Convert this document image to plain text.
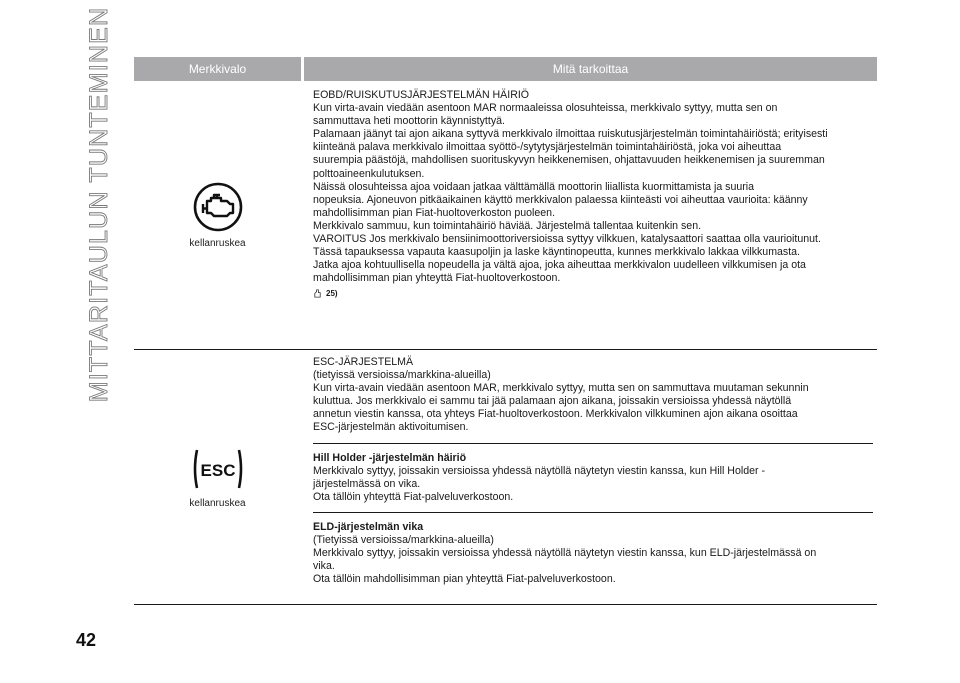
MITTARITAULUN TUNTEMINEN
42
Merkkivalo	Mitä tarkoittaa
kellanruskea

EOBD/RUISKUTUSJÄRJESTELMÄN HÄIRIÖ

Kun virta-avain viedään asentoon MAR normaaleissa olosuhteissa, merkkivalo syttyy, mutta sen on

sammuttava heti moottorin käynnistyttyä.

Palamaan jäänyt tai ajon aikana syttyvä merkkivalo ilmoittaa ruiskutusjärjestelmän toimintahäiriöstä; erityisesti

kiinteänä palava merkkivalo ilmoittaa syöttö-/sytytysjärjestelmän toimintahäiriöstä, joka voi aiheuttaa

suurempia päästöjä, mahdollisen suorituskyvyn heikkenemisen, ohjattavuuden heikkenemisen ja suuremman

polttoaineenkulutuksen.

Näissä olosuhteissa ajoa voidaan jatkaa välttämällä moottorin liiallista kuormittamista ja suuria

nopeuksia. Ajoneuvon pitkäaikainen käyttö merkkivalon palaessa kiinteästi voi aiheuttaa vaurioita: käänny

mahdollisimman pian Fiat-huoltoverkoston puoleen.

Merkkivalo sammuu, kun toimintahäiriö häviää. Järjestelmä tallentaa kuitenkin sen.

VAROITUS Jos merkkivalo bensiinimoottoriversioissa syttyy vilkkuen, katalysaattori saattaa olla vaurioitunut.

Tässä tapauksessa vapauta kaasupoljin ja laske käyntinopeutta, kunnes merkkivalo lakkaa vilkkumasta.

Jatka ajoa kohtuullisella nopeudella ja vältä ajoa, joka aiheuttaa merkkivalon uudelleen vilkkumisen ja ota

mahdollisimman pian yhteyttä Fiat-huoltoverkostoon.

25)
ESC
kellanruskea

ESC-JÄRJESTELMÄ

(tietyissä versioissa/markkina-alueilla)

Kun virta-avain viedään asentoon MAR, merkkivalo syttyy, mutta sen on sammuttava muutaman sekunnin

kuluttua. Jos merkkivalo ei sammu tai jää palamaan ajon aikana, joissakin versioissa yhdessä näytöllä

annetun viestin kanssa, ota yhteys Fiat-huoltoverkostoon. Merkkivalon vilkkuminen ajon aikana osoittaa

ESC-järjestelmän aktivoitumisen.

Hill Holder -järjestelmän häiriö

Merkkivalo syttyy, joissakin versioissa yhdessä näytöllä näytetyn viestin kanssa, kun Hill Holder -

järjestelmässä on vika.

Ota tällöin yhteyttä Fiat-palveluverkostoon.

ELD-järjestelmän vika

(Tietyissä versioissa/markkina-alueilla)

Merkkivalo syttyy, joissakin versioissa yhdessä näytöllä näytetyn viestin kanssa, kun ELD-järjestelmässä on

vika.

Ota tällöin mahdollisimman pian yhteyttä Fiat-palveluverkostoon.
